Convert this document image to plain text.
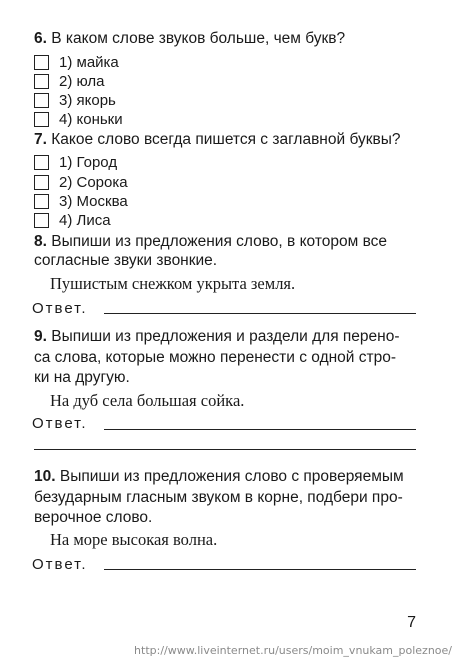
6. В каком слове звуков больше, чем букв?
1) майка
2) юла
3) якорь
4) коньки
7. Какое слово всегда пишется с заглавной буквы?
1) Город
2) Сорока
3) Москва
4) Лиса
8. Выпиши из предложения слово, в котором все
согласные звуки звонкие.
Пушистым снежком укрыта земля.
Ответ.
9. Выпиши из предложения и раздели для перено-
са слова, которые можно перенести с одной стро-
ки на другую.
На дуб села большая сойка.
Ответ.
10. Выпиши из предложения слово с проверяемым
безударным гласным звуком в корне, подбери про-
верочное слово.
На море высокая волна.
Ответ.
7
http://www.liveinternet.ru/users/moim_vnukam_poleznoe/
